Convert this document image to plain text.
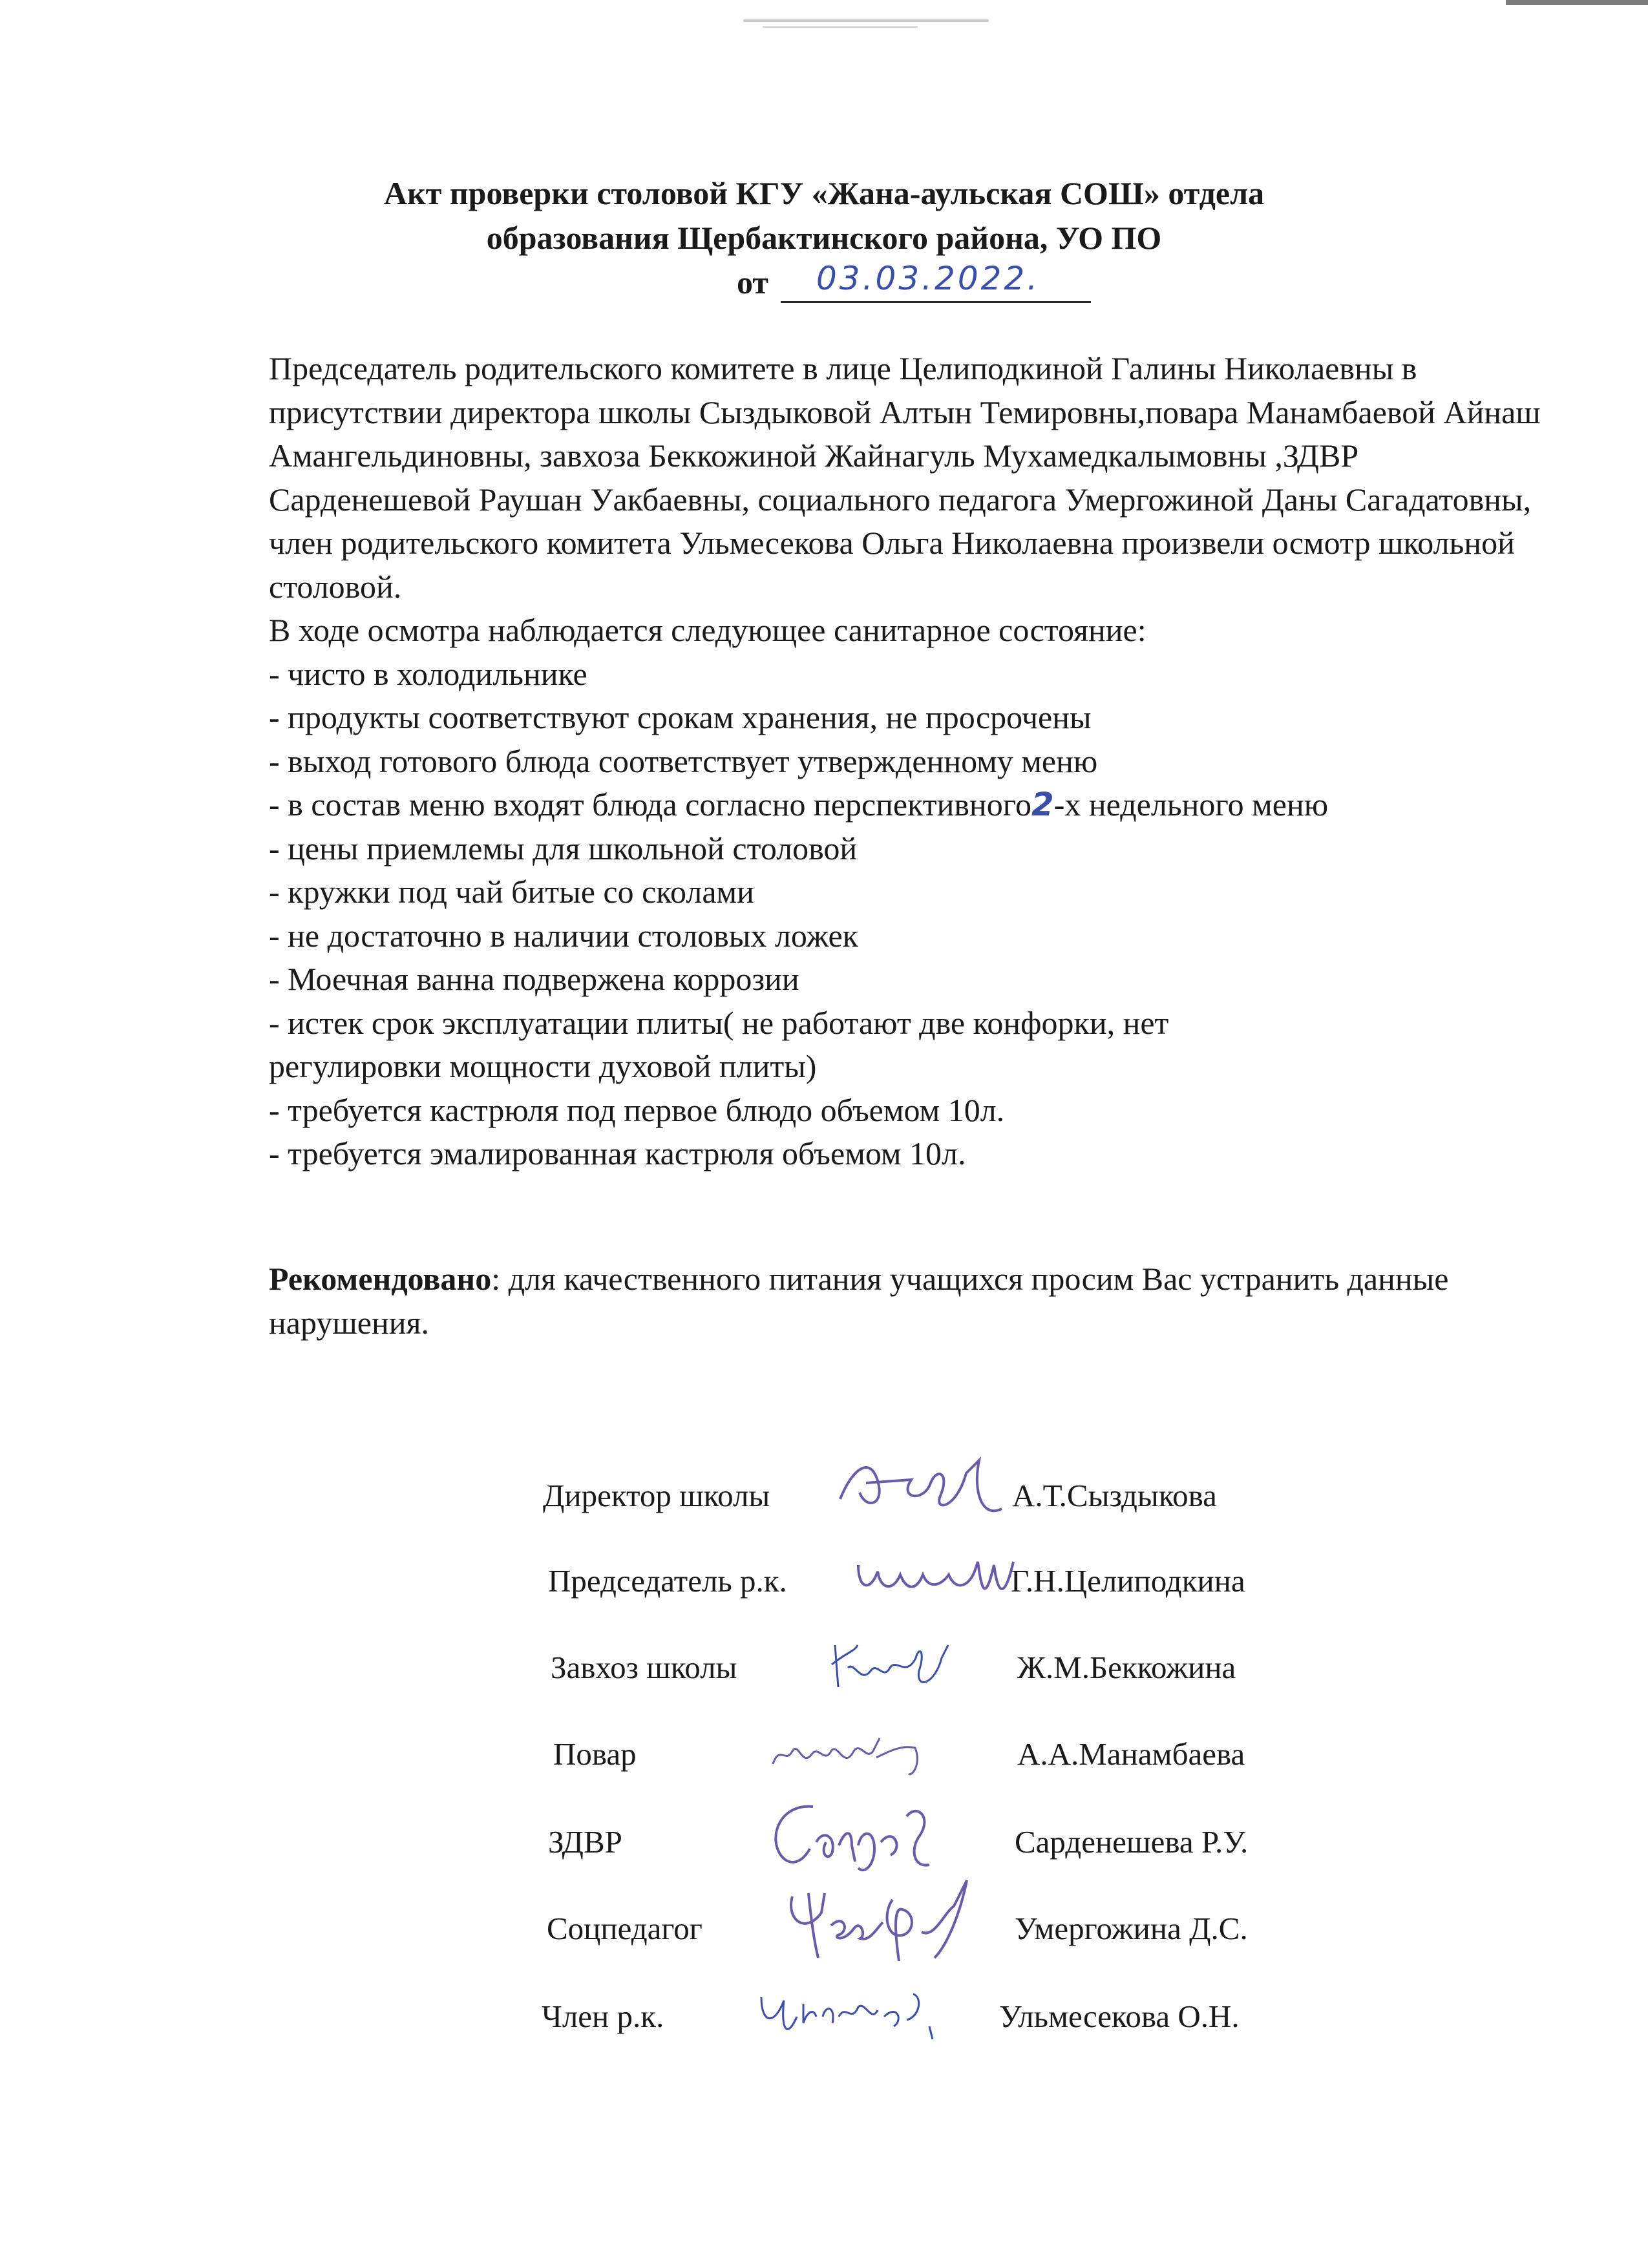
Акт проверки столовой КГУ «Жана-аульская СОШ» отдела
образования Щербактинского района, УО ПО
от 03.03.2022.

Председатель родительского комитете в лице Целиподкиной Галины Николаевны в присутствии директора школы Сыздыковой Алтын Темировны,повара Манамбаевой Айнаш Амангельдиновны, завхоза Беккожиной Жайнагуль Мухамедкалымовны ,ЗДВР Сарденешевой Раушан Уакбаевны, социального педагога Умергожиной Даны Сагадатовны, член родительского комитета Ульмесекова Ольга Николаевна произвели осмотр школьной столовой.

В ходе осмотра наблюдается следующее санитарное состояние:

- чисто в холодильнике

- продукты соответствуют срокам хранения, не просрочены

- выход готового блюда соответствует утвержденному меню

- в состав меню входят блюда согласно перспективного2-х недельного меню

- цены приемлемы для школьной столовой

- кружки под чай битые со сколами

- не достаточно в наличии столовых ложек

- Моечная ванна подвержена коррозии

- истек срок эксплуатации плиты( не работают две конфорки, нет регулировки мощности духовой плиты)

- требуется кастрюля под первое блюдо объемом 10л.

- требуется эмалированная кастрюля объемом 10л.

Рекомендовано: для качественного питания учащихся просим Вас устранить данные нарушения.
Директор школы	А.Т.Сыздыкова
Председатель р.к.	Г.Н.Целиподкина
Завхоз школы	Ж.М.Беккожина
Повар	А.А.Манамбаева
ЗДВР	Сарденешева Р.У.
Соцпедагог	Умергожина Д.С.
Член р.к.	Ульмесекова О.Н.
